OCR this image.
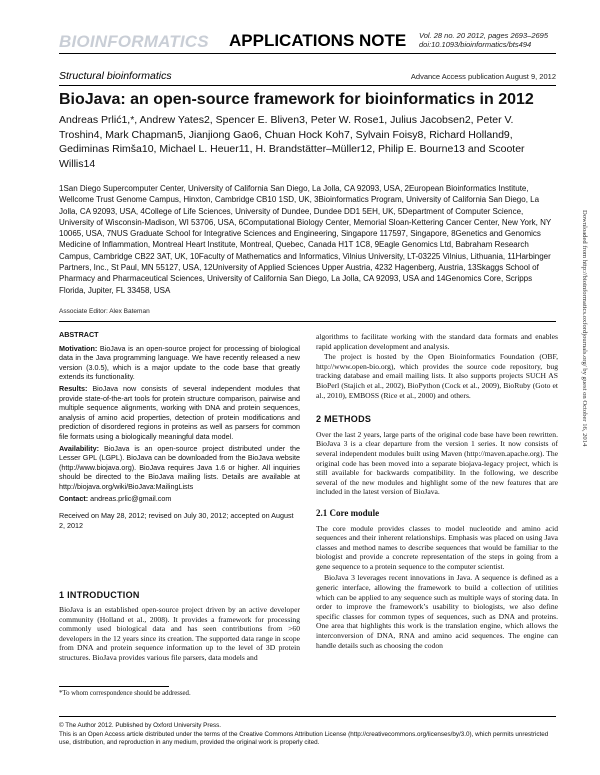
BIOINFORMATICS APPLICATIONS NOTE Vol. 28 no. 20 2012, pages 2693–2695
doi:10.1093/bioinformatics/bts494
Structural bioinformatics	Advance Access publication August 9, 2012
BioJava: an open-source framework for bioinformatics in 2012
Andreas Prlić1,*, Andrew Yates2, Spencer E. Bliven3, Peter W. Rose1, Julius Jacobsen2, Peter V. Troshin4, Mark Chapman5, Jianjiong Gao6, Chuan Hock Koh7, Sylvain Foisy8, Richard Holland9, Gediminas Rimša10, Michael L. Heuer11, H. Brandstätter–Müller12, Philip E. Bourne13 and Scooter Willis14
1San Diego Supercomputer Center, University of California San Diego, La Jolla, CA 92093, USA, 2European Bioinformatics Institute, Wellcome Trust Genome Campus, Hinxton, Cambridge CB10 1SD, UK, 3Bioinformatics Program, University of California San Diego, La Jolla, CA 92093, USA, 4College of Life Sciences, University of Dundee, Dundee DD1 5EH, UK, 5Department of Computer Science, University of Wisconsin-Madison, WI 53706, USA, 6Computational Biology Center, Memorial Sloan-Kettering Cancer Center, New York, NY 10065, USA, 7NUS Graduate School for Integrative Sciences and Engineering, Singapore 117597, Singapore, 8Genetics and Genomics Medicine of Inflammation, Montreal Heart Institute, Montreal, Quebec, Canada H1T 1C8, 9Eagle Genomics Ltd, Babraham Research Campus, Cambridge CB22 3AT, UK, 10Faculty of Mathematics and Informatics, Vilnius University, LT-03225 Vilnius, Lithuania, 11Harbinger Partners, Inc., St Paul, MN 55127, USA, 12University of Applied Sciences Upper Austria, 4232 Hagenberg, Austria, 13Skaggs School of Pharmacy and Pharmaceutical Sciences, University of California San Diego, La Jolla, CA 92093, USA and 14Genomics Core, Scripps Florida, Jupiter, FL 33458, USA
Associate Editor: Alex Bateman

ABSTRACT

Motivation: BioJava is an open-source project for processing of biological data in the Java programming language. We have recently released a new version (3.0.5), which is a major update to the code base that greatly extends its functionality.

Results: BioJava now consists of several independent modules that provide state-of-the-art tools for protein structure comparison, pairwise and multiple sequence alignments, working with DNA and protein sequences, analysis of amino acid properties, detection of protein modifications and prediction of disordered regions in proteins as well as parsers for common file formats using a biologically meaningful data model.

Availability: BioJava is an open-source project distributed under the Lesser GPL (LGPL). BioJava can be downloaded from the BioJava website (http://www.biojava.org). BioJava requires Java 1.6 or higher. All inquiries should be directed to the BioJava mailing lists. Details are available at http://biojava.org/wiki/BioJava:MailingLists

Contact: andreas.prlic@gmail.com

Received on May 28, 2012; revised on July 30, 2012; accepted on August 2, 2012

1 INTRODUCTION

BioJava is an established open-source project driven by an active developer community (Holland et al., 2008). It provides a framework for processing commonly used biological data and has seen contributions from >60 developers in the 12 years since its creation. The supported data range in scope from DNA and protein sequence information up to the level of 3D protein structures. BioJava provides various file parsers, data models and

*To whom correspondence should be addressed.

algorithms to facilitate working with the standard data formats and enables rapid application development and analysis.

The project is hosted by the Open Bioinformatics Foundation (OBF, http://www.open-bio.org), which provides the source code repository, bug tracking database and email mailing lists. It also supports projects SUCH AS BioPerl (Stajich et al., 2002), BioPython (Cock et al., 2009), BioRuby (Goto et al., 2010), EMBOSS (Rice et al., 2000) and others.

2 METHODS

Over the last 2 years, large parts of the original code base have been rewritten. BioJava 3 is a clear departure from the version 1 series. It now consists of several independent modules built using Maven (http://maven.apache.org). The original code has been moved into a separate biojava-legacy project, which is still available for backwards compatibility. In the following, we describe several of the new modules and highlight some of the new features that are included in the latest version of BioJava.

2.1 Core module

The core module provides classes to model nucleotide and amino acid sequences and their inherent relationships. Emphasis was placed on using Java classes and method names to describe sequences that would be familiar to the biologist and provide a concrete representation of the steps in going from a gene sequence to a protein sequence to the computer scientist.

BioJava 3 leverages recent innovations in Java. A sequence is defined as a generic interface, allowing the framework to build a collection of utilities which can be applied to any sequence such as multiple ways of storing data. In order to improve the framework’s usability to biologists, we also define specific classes for common types of sequences, such as DNA and proteins. One area that highlights this work is the translation engine, which allows the interconversion of DNA, RNA and amino acid sequences. The engine can handle details such as choosing the codon

© The Author 2012. Published by Oxford University Press.
This is an Open Access article distributed under the terms of the Creative Commons Attribution License (http://creativecommons.org/licenses/by/3.0), which permits unrestricted use, distribution, and reproduction in any medium, provided the original work is properly cited.
Downloaded from http://bioinformatics.oxfordjournals.org/ by guest on October 16, 2014
